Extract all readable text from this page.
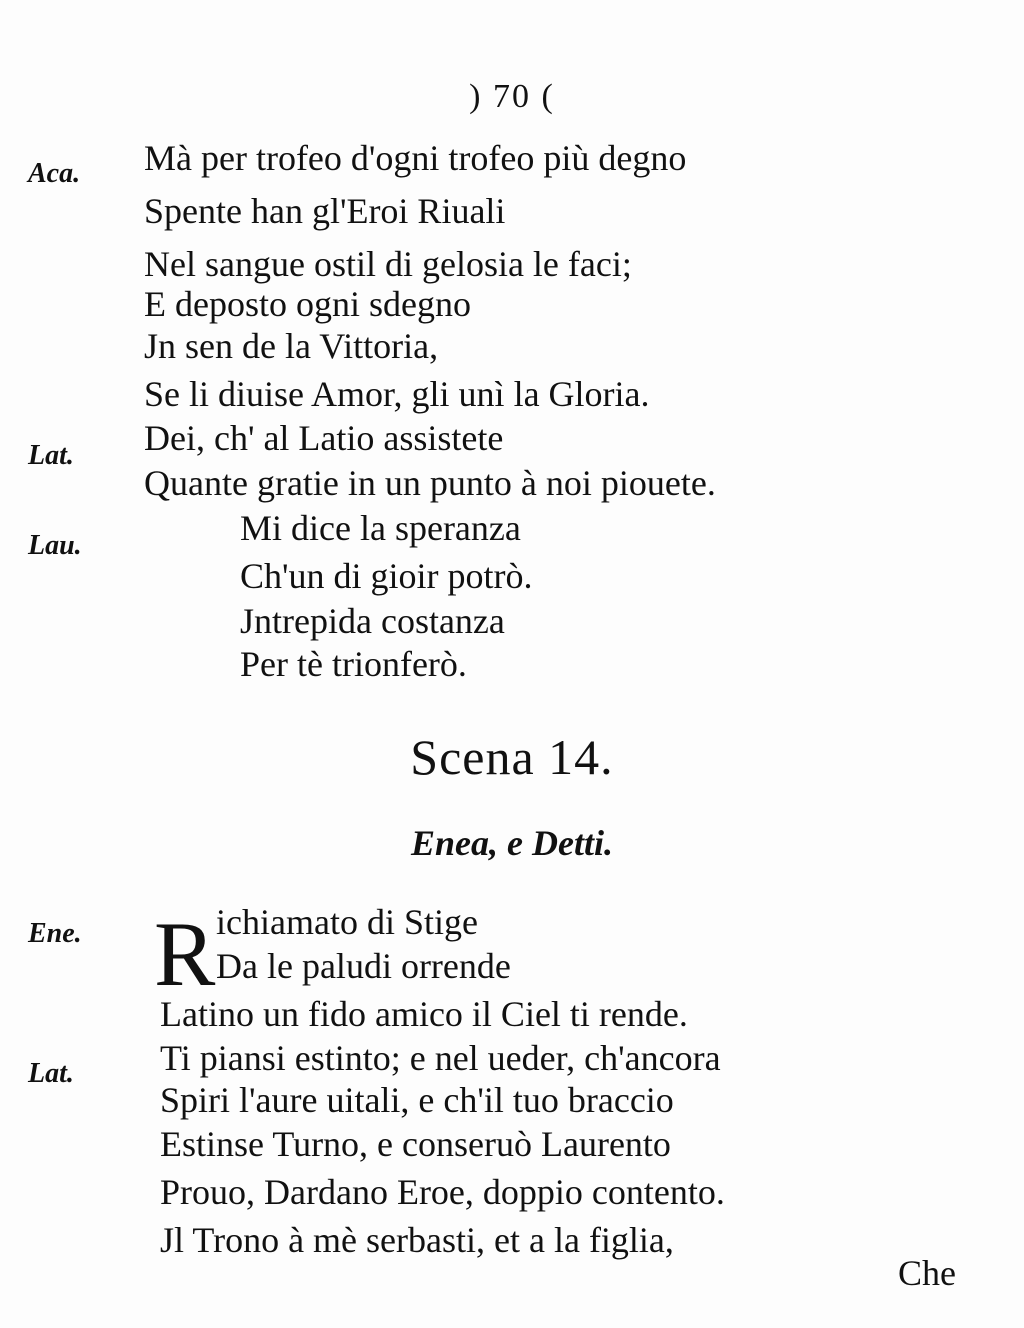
) 70 (
Aca.	Mà per trofeo d'ogni trofeo più degno
Spente han gl'Eroi Riuali
Nel sangue ostil di gelosia le faci;
E deposto ogni sdegno
Jn sen de la Vittoria,
Se li diuise Amor, gli unì la Gloria.
Lat.	Dei, ch' al Latio assistete
Quante gratie in un punto à noi piouete.
Lau.	Mi dice la speranza
Ch'un di gioir potrò.
Jntrepida costanza
Per tè trionferò.
Scena 14.
Enea, e Detti.
Ene. R ichiamato di Stige
Da le paludi orrende
Latino un fido amico il Ciel ti rende.
Lat.	Ti piansi estinto; e nel ueder, ch'ancora
Spiri l'aure uitali, e ch'il tuo braccio
Estinse Turno, e conseruò Laurento
Prouo, Dardano Eroe, doppio contento.
Jl Trono à mè serbasti, et a la figlia,
Che
